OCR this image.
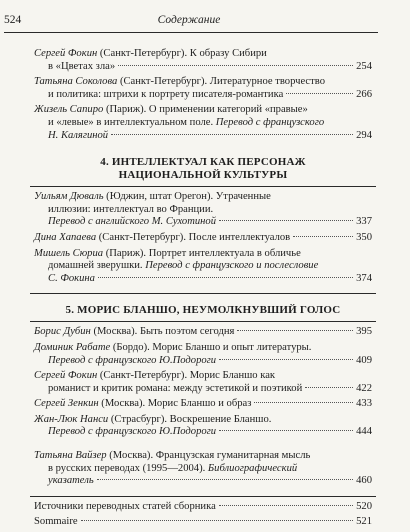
524	Содержание
Сергей Фокин (Санкт-Петербург). К образу Сибири
в «Цветах зла»	254
Татьяна Соколова (Санкт-Петербург). Литературное творчество
и политика: штрихи к портрету писателя-романтика	266
Жизель Сапиро (Париж). О применении категорий «правые»
и «левые» в интеллектуальном поле. Перевод с французского
Н. Калягиной	294
4. ИНТЕЛЛЕКТУАЛ КАК ПЕРСОНАЖ
НАЦИОНАЛЬНОЙ КУЛЬТУРЫ
Уильям Дюваль (Юджин, штат Орегон). Утраченные
иллюзии: интеллектуал во Франции.
Перевод с английского М. Сухотиной	337
Дина Хапаева (Санкт-Петербург). После интеллектуалов	350
Мишель Сюриа (Париж). Портрет интеллектуала в обличье
домашней зверушки. Перевод с французского и послесловие
С. Фокина	374
5. МОРИС БЛАНШО, НЕУМОЛКНУВШИЙ ГОЛОС
Борис Дубин (Москва). Быть поэтом сегодня	395
Доминик Рабате (Бордо). Морис Бланшо и опыт литературы.
Перевод с французского Ю.Подороги	409
Сергей Фокин (Санкт-Петербург). Морис Бланшо как
романист и критик романа: между эстетикой и поэтикой	422
Сергей Зенкин (Москва). Морис Бланшо и образ	433
Жан-Люк Нанси (Страсбург). Воскрешение Бланшо.
Перевод с французского Ю.Подороги	444
Татьяна Вайзер (Москва). Французская гуманитарная мысль
в русских переводах (1995—2004). Библиографический
указатель	460
Источники переводных статей сборника	520
Sommaire	521
